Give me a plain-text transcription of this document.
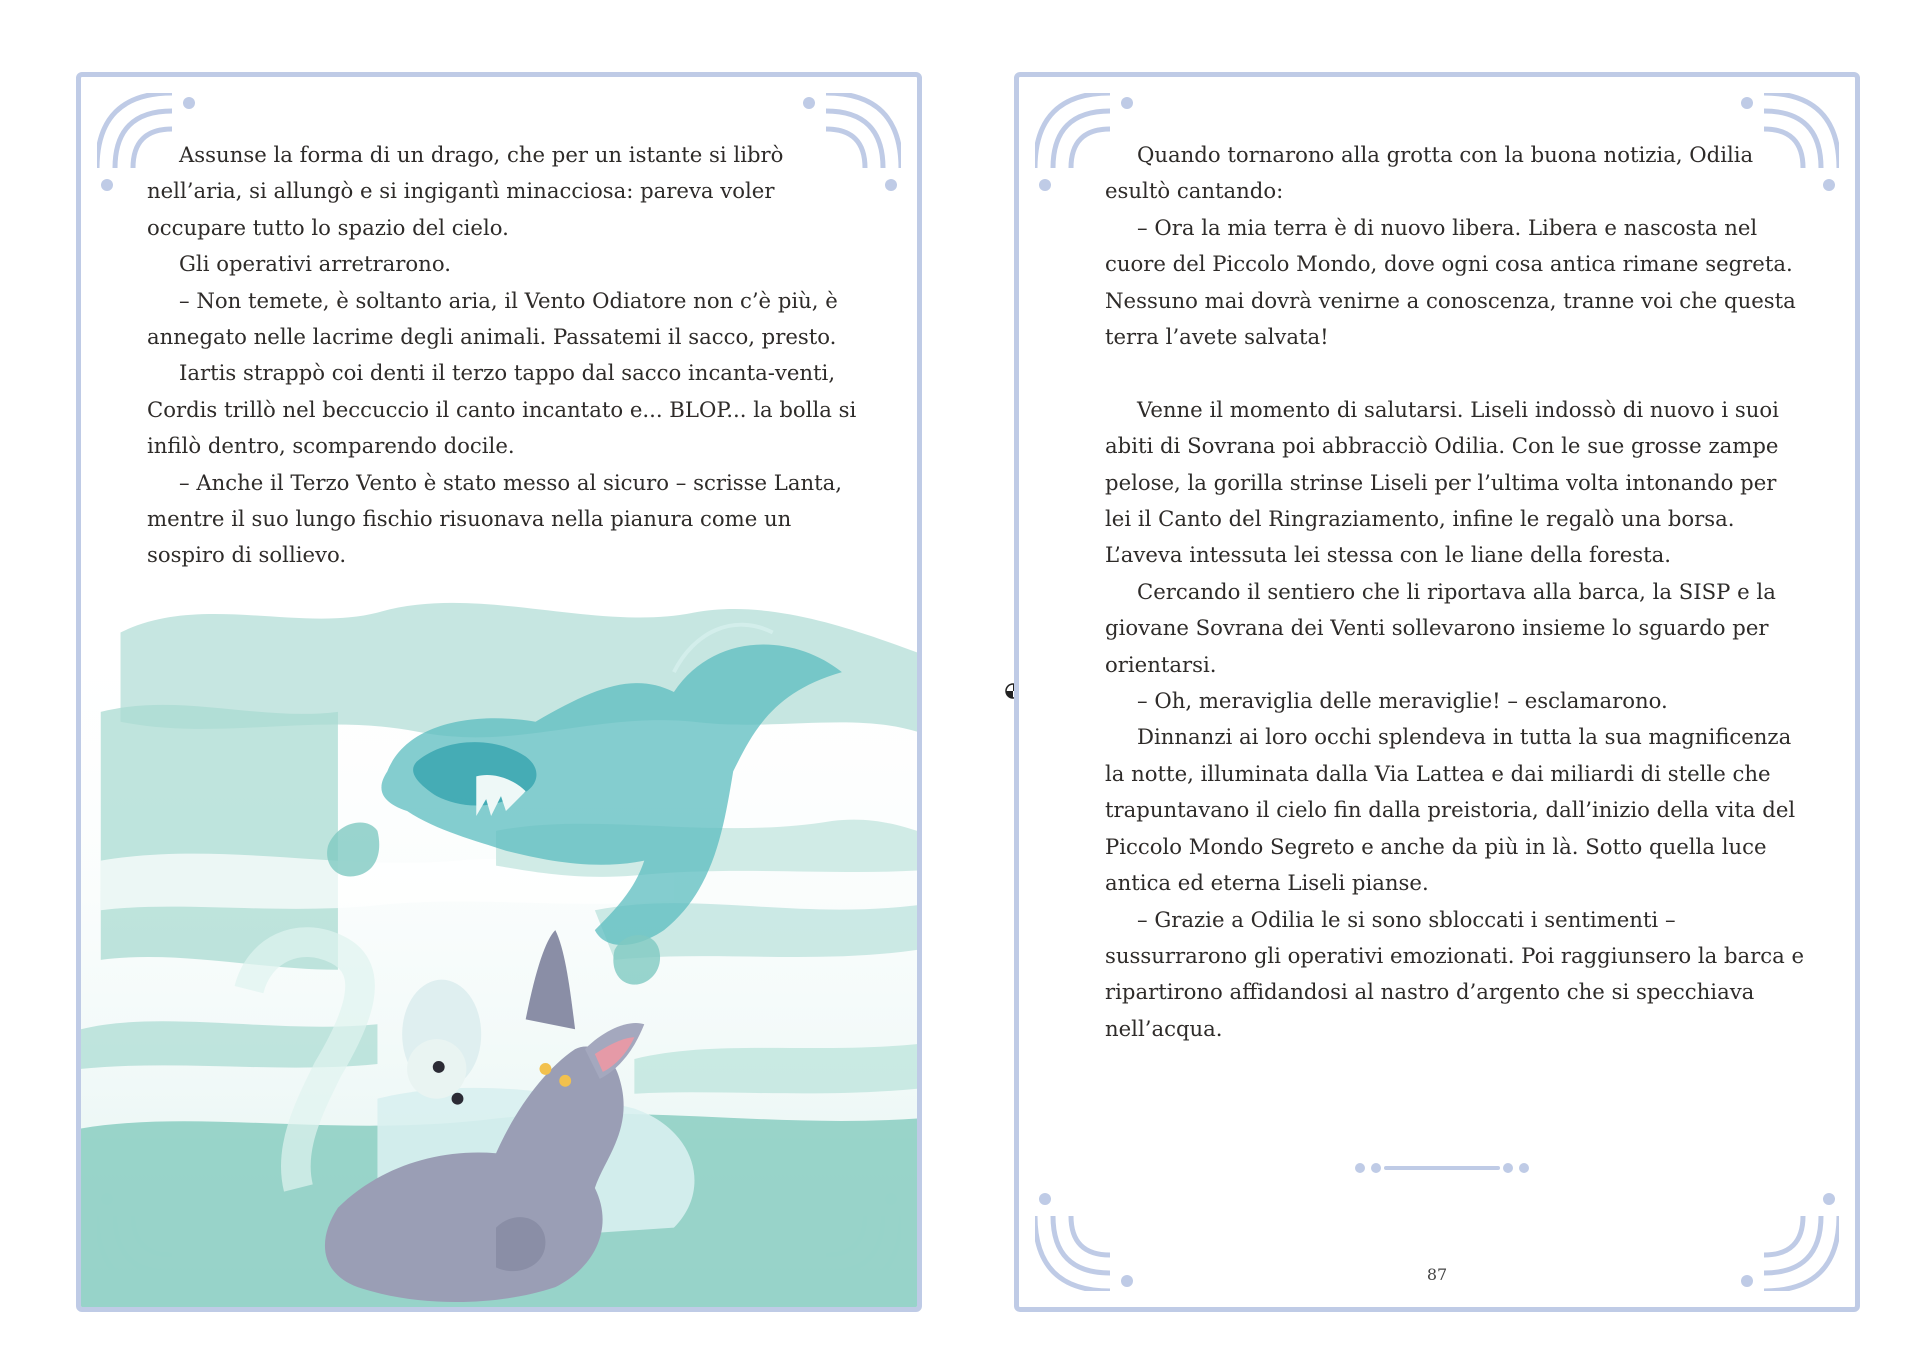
Assunse la forma di un drago, che per un istante si librò nell’aria, si allungò e si ingigantì minacciosa: pareva voler occupare tutto lo spazio del cielo.

Gli operativi arretrarono.

– Non temete, è soltanto aria, il Vento Odiatore non c’è più, è annegato nelle lacrime degli animali. Passatemi il sacco, presto.

Iartis strappò coi denti il terzo tappo dal sacco incanta-venti, Cordis trillò nel beccuccio il canto incantato e... BLOP... la bolla si infilò dentro, scomparendo docile.

– Anche il Terzo Vento è stato messo al sicuro – scrisse Lanta, mentre il suo lungo fischio risuonava nella pianura come un sospiro di sollievo.

Quando tornarono alla grotta con la buona notizia, Odilia esultò cantando:

– Ora la mia terra è di nuovo libera. Libera e nascosta nel cuore del Piccolo Mondo, dove ogni cosa antica rimane segreta. Nessuno mai dovrà venirne a conoscenza, tranne voi che questa terra l’avete salvata!

Venne il momento di salutarsi. Liseli indossò di nuovo i suoi abiti di Sovrana poi abbracciò Odilia. Con le sue grosse zampe pelose, la gorilla strinse Liseli per l’ultima volta intonando per lei il Canto del Ringraziamento, infine le regalò una borsa. L’aveva intessuta lei stessa con le liane della foresta.

Cercando il sentiero che li riportava alla barca, la SISP e la giovane Sovrana dei Venti sollevarono insieme lo sguardo per orientarsi.

– Oh, meraviglia delle meraviglie! – esclamarono.

Dinnanzi ai loro occhi splendeva in tutta la sua magnificenza la notte, illuminata dalla Via Lattea e dai miliardi di stelle che trapuntavano il cielo fin dalla preistoria, dall’inizio della vita del Piccolo Mondo Segreto e anche da più in là. Sotto quella luce antica ed eterna Liseli pianse.

– Grazie a Odilia le si sono sbloccati i sentimenti – sussurrarono gli operativi emozionati. Poi raggiunsero la barca e ripartirono affidandosi al nastro d’argento che si specchiava nell’acqua.

87
